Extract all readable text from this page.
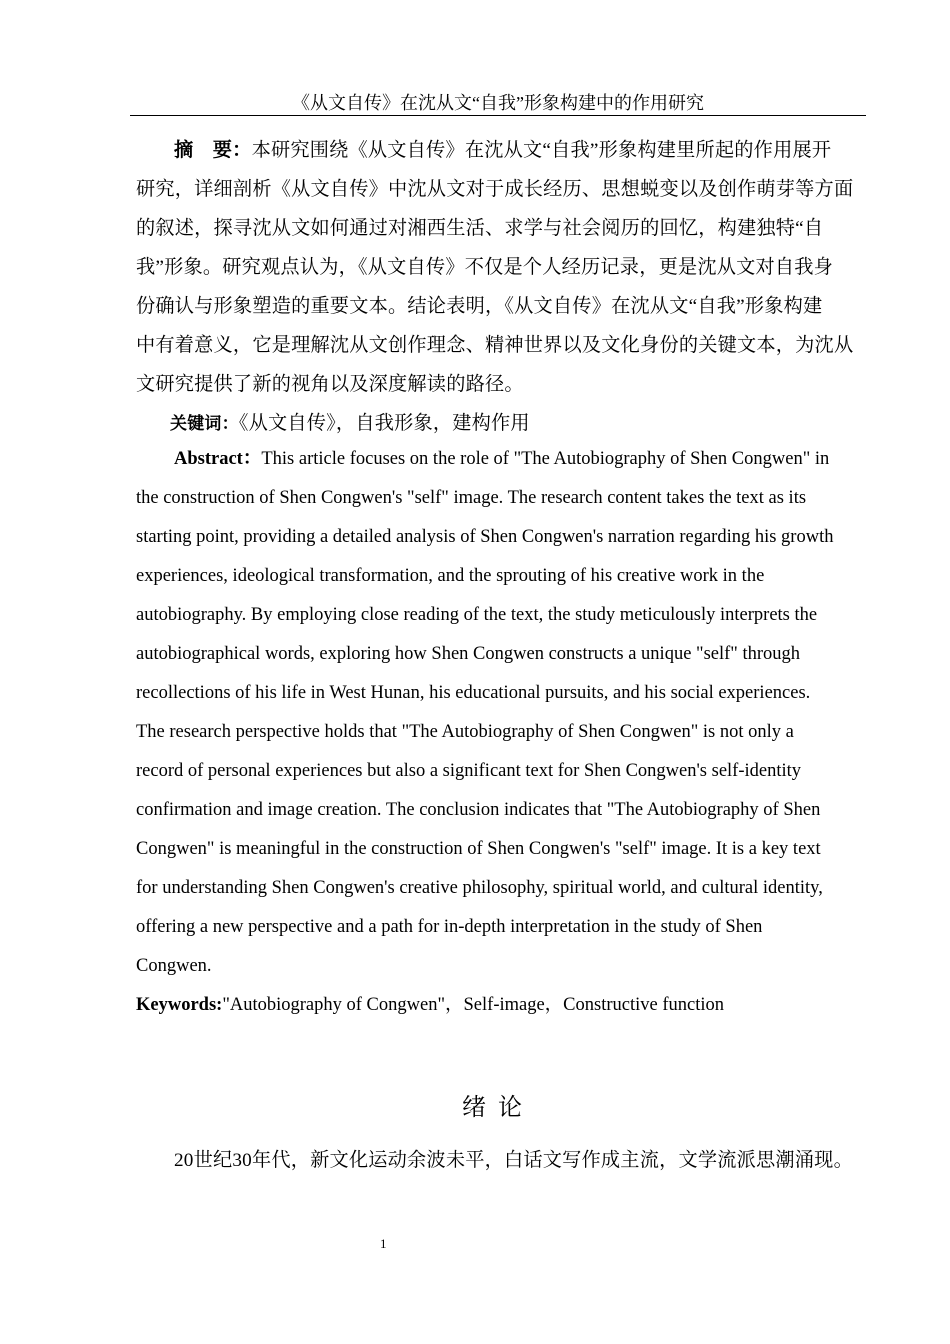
《从文自传》在沈从文“自我”形象构建中的作用研究
摘　要：本研究围绕《从文自传》在沈从文“自我”形象构建里所起的作用展开
研究，详细剖析《从文自传》中沈从文对于成长经历、思想蜕变以及创作萌芽等方面
的叙述，探寻沈从文如何通过对湘西生活、求学与社会阅历的回忆，构建独特“自
我”形象。研究观点认为，《从文自传》不仅是个人经历记录，更是沈从文对自我身
份确认与形象塑造的重要文本。结论表明，《从文自传》在沈从文“自我”形象构建
中有着意义，它是理解沈从文创作理念、精神世界以及文化身份的关键文本，为沈从
文研究提供了新的视角以及深度解读的路径。
关键词：《从文自传》，自我形象，建构作用
Abstract：This article focuses on the role of "The Autobiography of Shen Congwen" in
the construction of Shen Congwen's "self" image. The research content takes the text as its
starting point, providing a detailed analysis of Shen Congwen's narration regarding his growth
experiences, ideological transformation, and the sprouting of his creative work in the
autobiography. By employing close reading of the text, the study meticulously interprets the
autobiographical words, exploring how Shen Congwen constructs a unique "self" through
recollections of his life in West Hunan, his educational pursuits, and his social experiences.
The research perspective holds that "The Autobiography of Shen Congwen" is not only a
record of personal experiences but also a significant text for Shen Congwen's self-identity
confirmation and image creation. The conclusion indicates that "The Autobiography of Shen
Congwen" is meaningful in the construction of Shen Congwen's "self" image. It is a key text
for understanding Shen Congwen's creative philosophy, spiritual world, and cultural identity,
offering a new perspective and a path for in-depth interpretation in the study of Shen
Congwen.
Keywords:"Autobiography of Congwen"，Self-image，Constructive function
绪论
20世纪30年代，新文化运动余波未平，白话文写作成主流，文学流派思潮涌现。
1
